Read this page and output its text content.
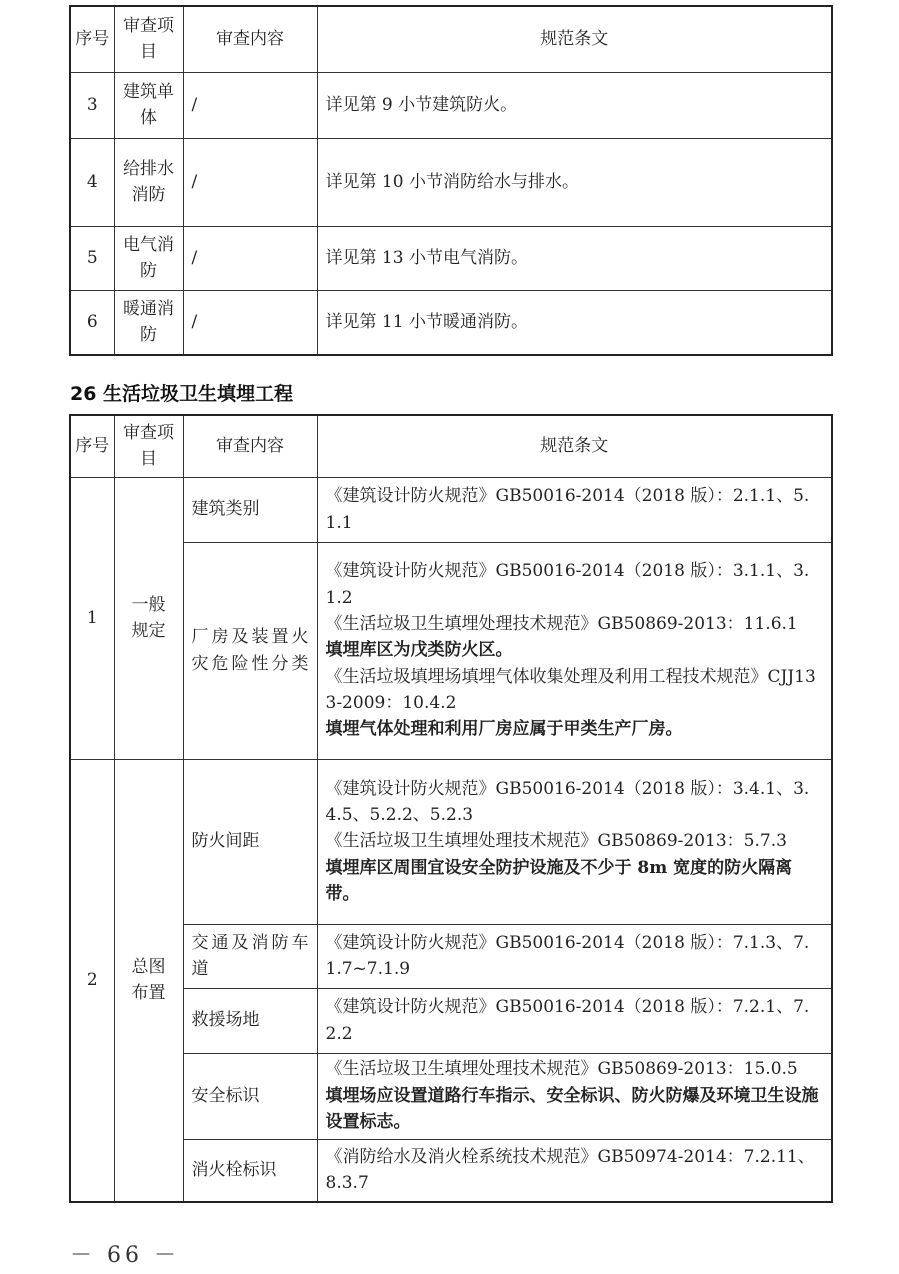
序号	审查项目	审查内容	规范条文
3	建筑单体	/	详见第 9 小节建筑防火。
4	给排水消防	/	详见第 10 小节消防给水与排水。
5	电气消防	/	详见第 13 小节电气消防。
6	暖通消防	/	详见第 11 小节暖通消防。
26 生活垃圾卫生填埋工程
序号	审查项目	审查内容	规范条文
1	一般规定	建筑类别	《建筑设计防火规范》GB50016-2014（2018 版）：2.1.1、5.1.1

		厂房及装置火灾危险性分类	《建筑设计防火规范》GB50016-2014（2018 版）：3.1.1、3.1.2
《生活垃圾卫生填埋处理技术规范》GB50869-2013：11.6.1
填埋库区为戊类防火区。
《生活垃圾填埋场填埋气体收集处理及利用工程技术规范》CJJ133-2009：10.4.2
填埋气体处理和利用厂房应属于甲类生产厂房。

2	总图布置	防火间距	《建筑设计防火规范》GB50016-2014（2018 版）：3.4.1、3.4.5、5.2.2、5.2.3
《生活垃圾卫生填埋处理技术规范》GB50869-2013：5.7.3
填埋库区周围宜设安全防护设施及不少于 8m 宽度的防火隔离带。

		交通及消防车道	《建筑设计防火规范》GB50016-2014（2018 版）：7.1.3、7.1.7~7.1.9

		救援场地	《建筑设计防火规范》GB50016-2014（2018 版）：7.2.1、7.2.2

		安全标识	《生活垃圾卫生填埋处理技术规范》GB50869-2013：15.0.5
填埋场应设置道路行车指示、安全标识、防火防爆及环境卫生设施设置标志。

		消火栓标识	《消防给水及消火栓系统技术规范》GB50974-2014：7.2.11、8.3.7
－ 66 －
